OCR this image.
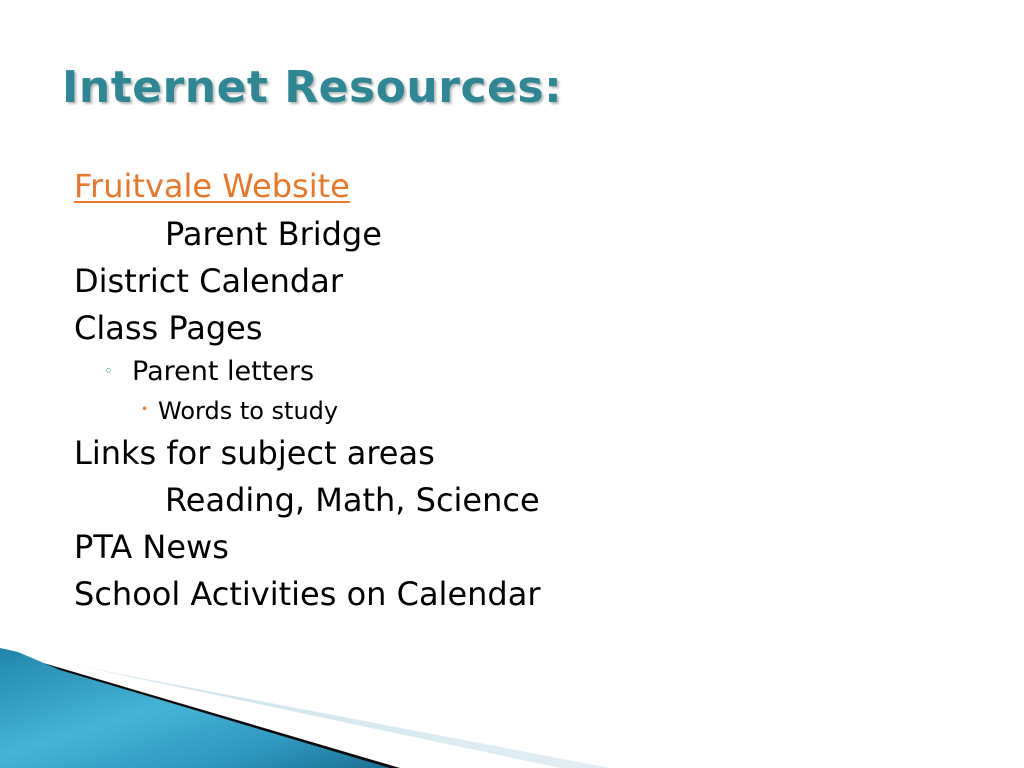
Internet Resources:
Fruitvale Website
Parent Bridge
District Calendar
Class Pages
◦ Parent letters
• Words to study
Links for subject areas
Reading, Math, Science
PTA News
School Activities on Calendar
